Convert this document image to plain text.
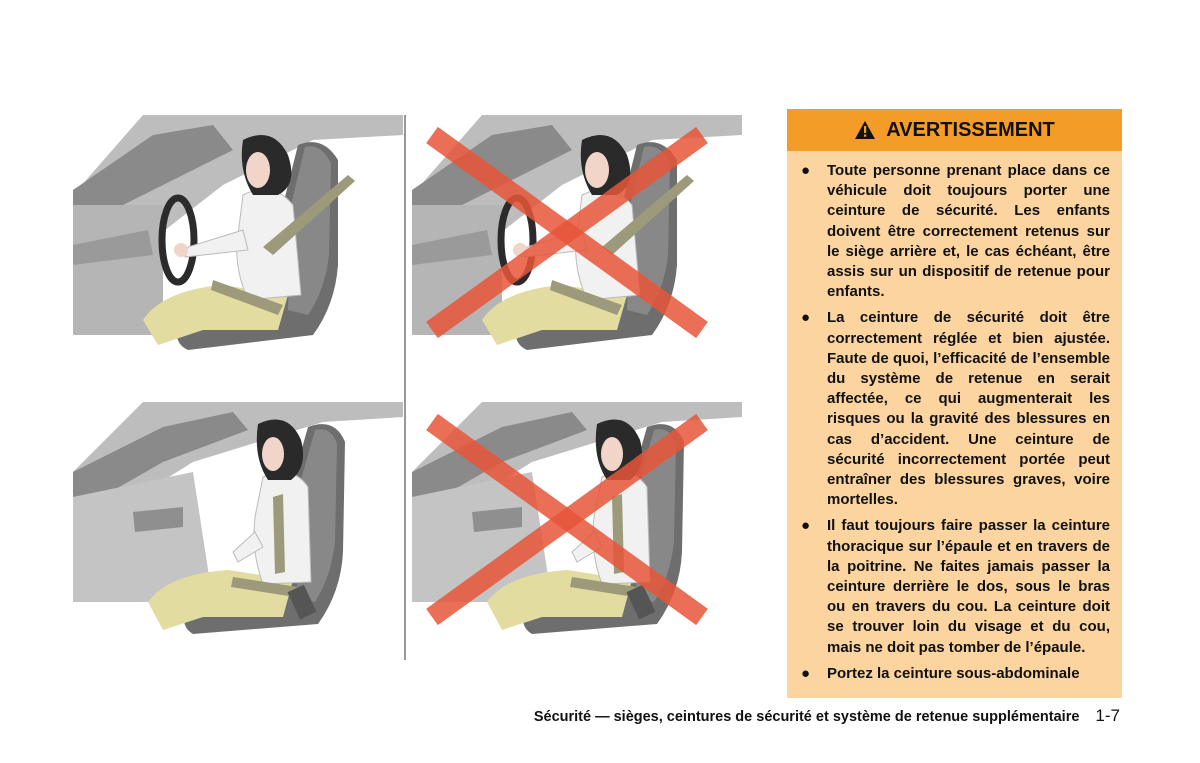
AVERTISSEMENT
● Toute personne prenant place dans ce véhicule doit toujours porter une ceinture de sécurité. Les enfants doivent être correctement retenus sur le siège arrière et, le cas échéant, être assis sur un dispositif de retenue pour enfants.
● La ceinture de sécurité doit être correctement réglée et bien ajustée. Faute de quoi, l’efficacité de l’ensemble du système de retenue en serait affectée, ce qui augmenterait les risques ou la gravité des blessures en cas d’accident. Une ceinture de sécurité incorrectement portée peut entraîner des blessures graves, voire mortelles.
● Il faut toujours faire passer la ceinture thoracique sur l’épaule et en travers de la poitrine. Ne faites jamais passer la ceinture derrière le dos, sous le bras ou en travers du cou. La ceinture doit se trouver loin du visage et du cou, mais ne doit pas tomber de l’épaule.
● Portez la ceinture sous-abdominale
Sécurité — sièges, ceintures de sécurité et système de retenue supplémentaire 1-7
